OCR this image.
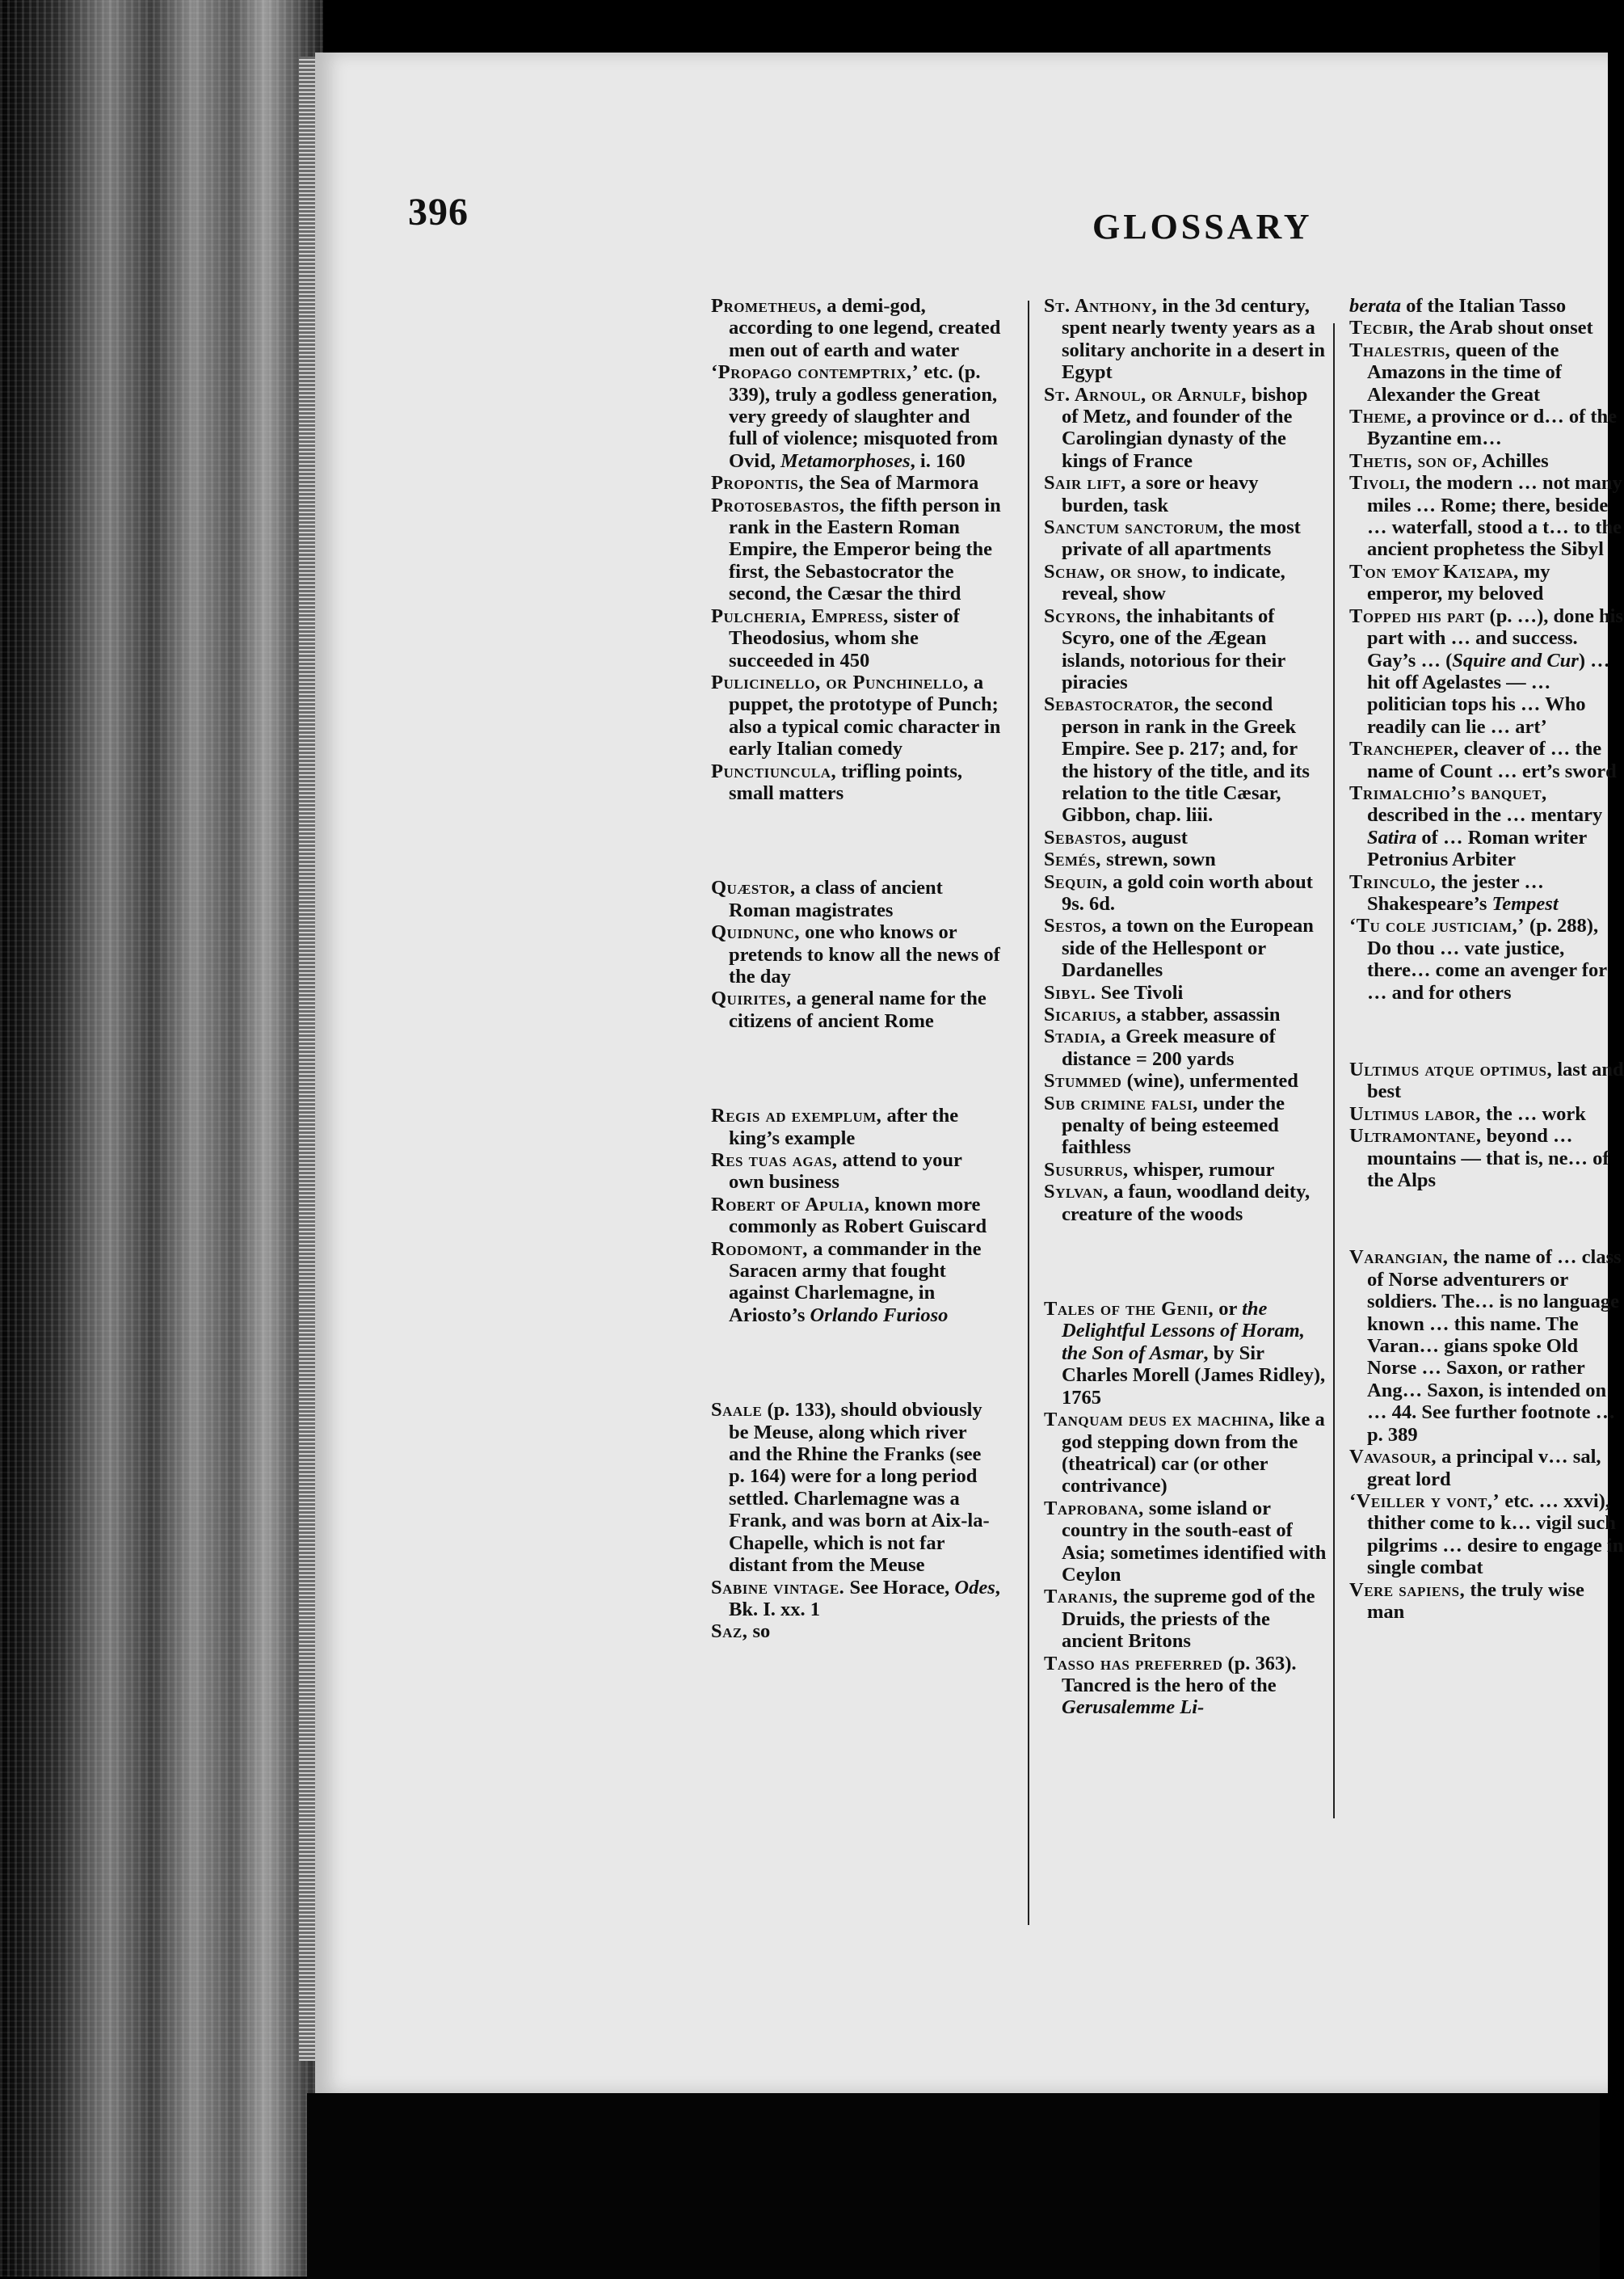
396	GLOSSARY

Prometheus, a demi-god, according to one legend, created men out of earth and water

‘Propago contemptrix,’ etc. (p. 339), truly a godless generation, very greedy of slaughter and full of violence; misquoted from Ovid, Metamorphoses, i. 160

Propontis, the Sea of Marmora

Protosebastos, the fifth person in rank in the Eastern Roman Empire, the Emperor being the first, the Sebastocrator the second, the Cæsar the third

Pulcheria, Empress, sister of Theodosius, whom she succeeded in 450

Pulicinello, or Punchinello, a puppet, the prototype of Punch; also a typical comic character in early Italian comedy

Punctiuncula, trifling points, small matters

Quæstor, a class of ancient Roman magistrates

Quidnunc, one who knows or pretends to know all the news of the day

Quirites, a general name for the citizens of ancient Rome

Regis ad exemplum, after the king’s example

Res tuas agas, attend to your own business

Robert of Apulia, known more commonly as Robert Guiscard

Rodomont, a commander in the Saracen army that fought against Charlemagne, in Ariosto’s Orlando Furioso

Saale (p. 133), should obviously be Meuse, along which river and the Rhine the Franks (see p. 164) were for a long period settled. Charlemagne was a Frank, and was born at Aix-la-Chapelle, which is not far distant from the Meuse

Sabine vintage. See Horace, Odes, Bk. I. xx. 1

Saz, so

St. Anthony, in the 3d century, spent nearly twenty years as a solitary anchorite in a desert in Egypt

St. Arnoul, or Arnulf, bishop of Metz, and founder of the Carolingian dynasty of the kings of France

Sair lift, a sore or heavy burden, task

Sanctum sanctorum, the most private of all apartments

Schaw, or show, to indicate, reveal, show

Scyrons, the inhabitants of Scyro, one of the Ægean islands, notorious for their piracies

Sebastocrator, the second person in rank in the Greek Empire. See p. 217; and, for the history of the title, and its relation to the title Cæsar, Gibbon, chap. liii.

Sebastos, august

Semés, strewn, sown

Sequin, a gold coin worth about 9s. 6d.

Sestos, a town on the European side of the Hellespont or Dardanelles

Sibyl. See Tivoli

Sicarius, a stabber, assassin

Stadia, a Greek measure of distance = 200 yards

Stummed (wine), unfermented

Sub crimine falsi, under the penalty of being esteemed faithless

Susurrus, whisper, rumour

Sylvan, a faun, woodland deity, creature of the woods

Tales of the Genii, or the Delightful Lessons of Horam, the Son of Asmar, by Sir Charles Morell (James Ridley), 1765

Tanquam deus ex machina, like a god stepping down from the (theatrical) car (or other contrivance)

Taprobana, some island or country in the south-east of Asia; sometimes identified with Ceylon

Taranis, the supreme god of the Druids, the priests of the ancient Britons

Tasso has preferred (p. 363). Tancred is the hero of the Gerusalemme Li-

berata of the Italian Tasso

Tecbir, the Arab shout onset

Thalestris, queen of the Amazons in the time of Alexander the Great

Theme, a province or d… of the Byzantine em…

Thetis, son of, Achilles

Tivoli, the modern … not many miles … Rome; there, beside … waterfall, stood a t… to the ancient prophetess the Sibyl

Τὸν ἐμοῦ Καίσαρα, my emperor, my beloved

Topped his part (p. …), done his part with … and success. Gay’s … (Squire and Cur) … hit off Agelastes — … politician tops his … Who readily can lie … art’

Trancheper, cleaver of … the name of Count … ert’s sword

Trimalchio’s banquet, described in the … mentary Satira of … Roman writer Petronius Arbiter

Trinculo, the jester … Shakespeare’s Tempest

‘Tu cole justiciam,’ (p. 288), Do thou … vate justice, there… come an avenger for … and for others

Ultimus atque optimus, last and best

Ultimus labor, the … work

Ultramontane, beyond … mountains — that is, ne… of the Alps

Varangian, the name of … class of Norse adventurers or soldiers. The… is no language known … this name. The Varan… gians spoke Old Norse … Saxon, or rather Ang… Saxon, is intended on … 44. See further footnote … p. 389

Vavasour, a principal v… sal, great lord

‘Veiller y vont,’ etc. … xxvi), thither come to k… vigil such pilgrims … desire to engage in single combat

Vere sapiens, the truly wise man
